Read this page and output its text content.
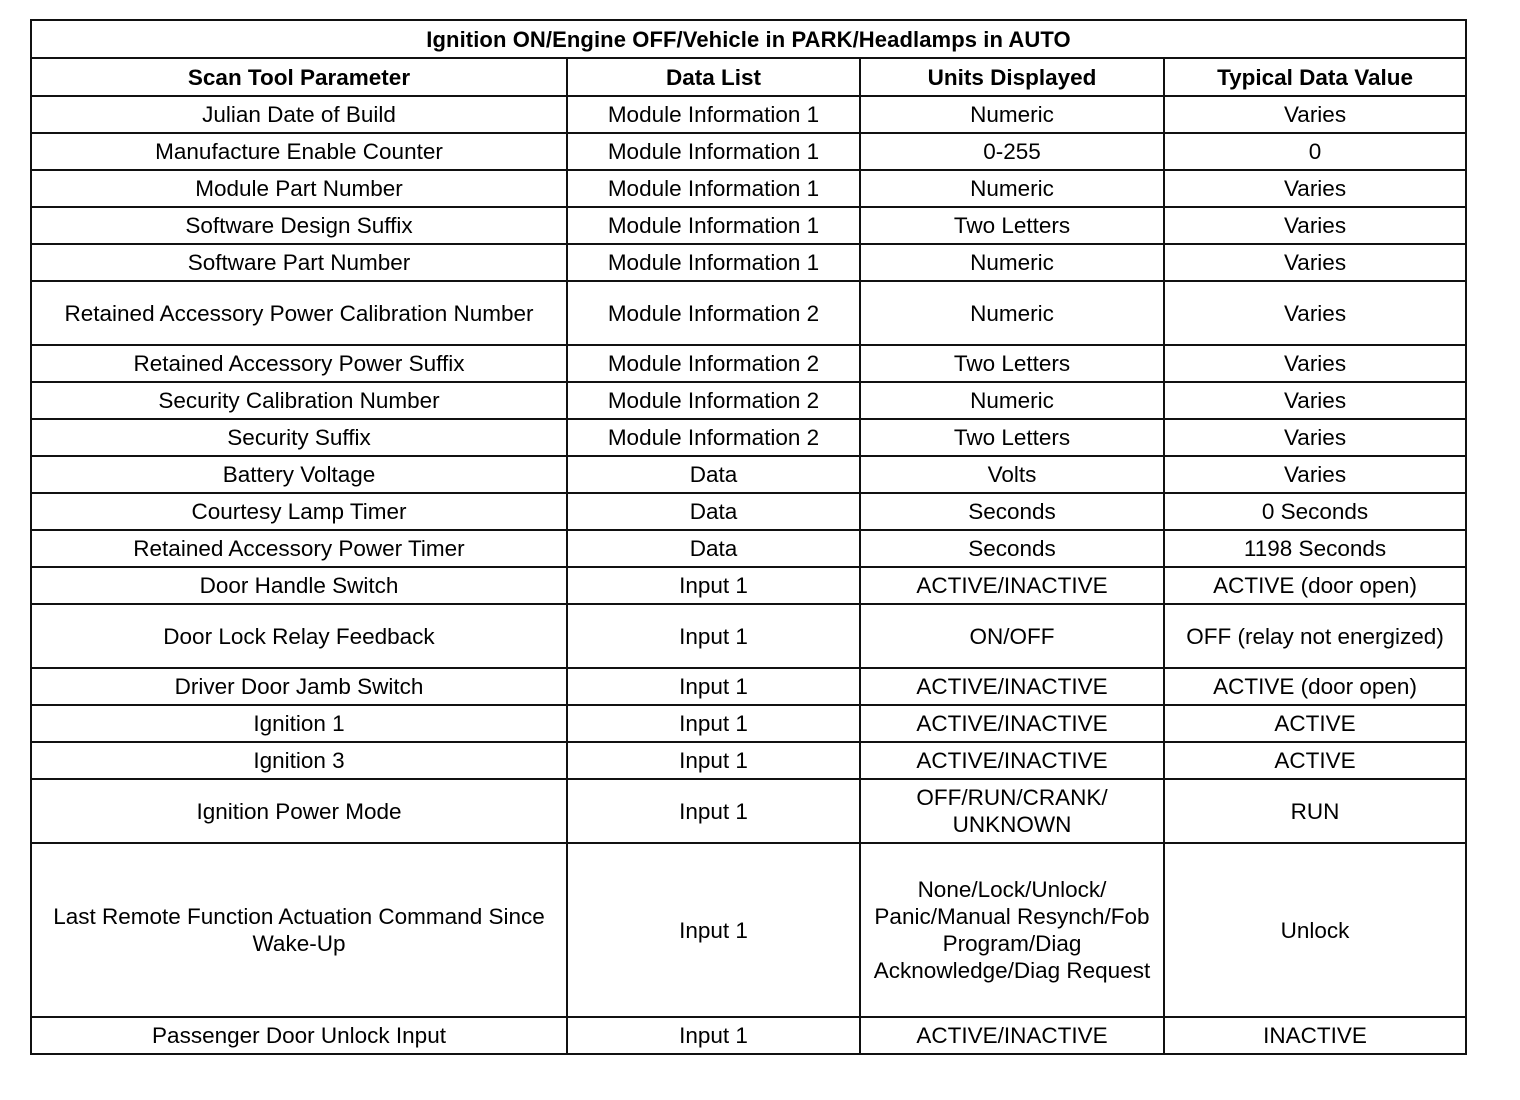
Ignition ON/Engine OFF/Vehicle in PARK/Headlamps in AUTO			
Scan Tool Parameter	Data List	Units Displayed	Typical Data Value
Julian Date of Build	Module Information 1	Numeric	Varies
Manufacture Enable Counter	Module Information 1	0-255	0
Module Part Number	Module Information 1	Numeric	Varies
Software Design Suffix	Module Information 1	Two Letters	Varies
Software Part Number	Module Information 1	Numeric	Varies
Retained Accessory Power Calibration Number	Module Information 2	Numeric	Varies
Retained Accessory Power Suffix	Module Information 2	Two Letters	Varies
Security Calibration Number	Module Information 2	Numeric	Varies
Security Suffix	Module Information 2	Two Letters	Varies
Battery Voltage	Data	Volts	Varies
Courtesy Lamp Timer	Data	Seconds	0 Seconds
Retained Accessory Power Timer	Data	Seconds	1198 Seconds
Door Handle Switch	Input 1	ACTIVE/INACTIVE	ACTIVE (door open)
Door Lock Relay Feedback	Input 1	ON/OFF	OFF (relay not energized)
Driver Door Jamb Switch	Input 1	ACTIVE/INACTIVE	ACTIVE (door open)
Ignition 1	Input 1	ACTIVE/INACTIVE	ACTIVE
Ignition 3	Input 1	ACTIVE/INACTIVE	ACTIVE
Ignition Power Mode	Input 1	OFF/RUN/CRANK/ UNKNOWN	RUN
Last Remote Function Actuation Command Since Wake-Up	Input 1	None/Lock/Unlock/ Panic/Manual Resynch/Fob Program/Diag Acknowledge/Diag Request	Unlock
Passenger Door Unlock Input	Input 1	ACTIVE/INACTIVE	INACTIVE
